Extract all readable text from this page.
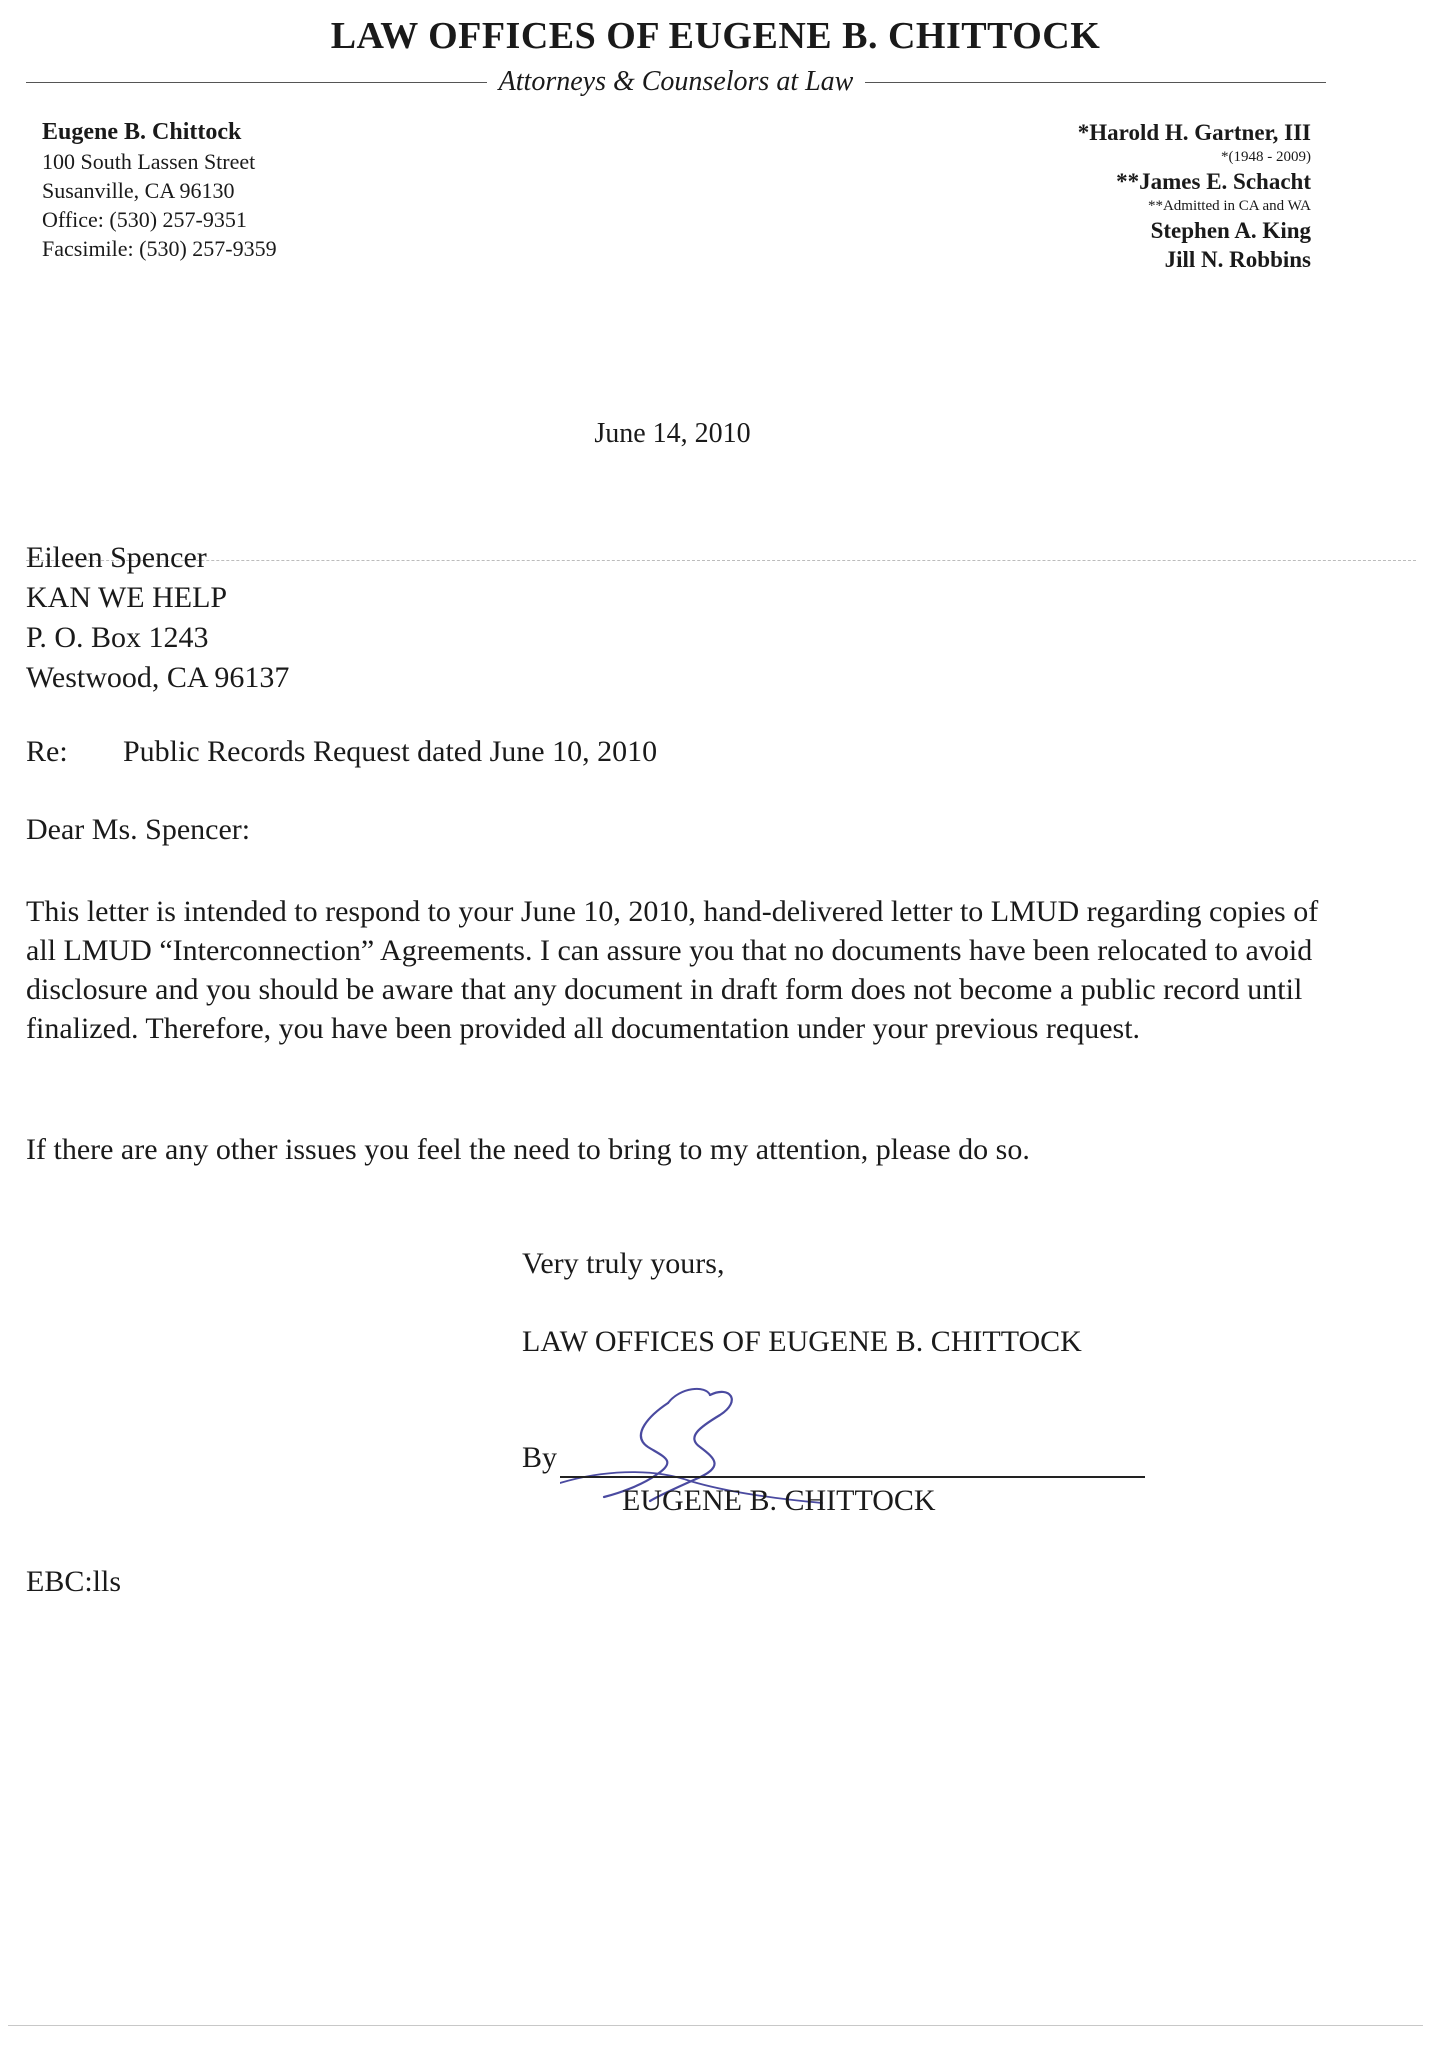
LAW OFFICES OF EUGENE B. CHITTOCK
Attorneys & Counselors at Law
Eugene B. Chittock
100 South Lassen Street
Susanville, CA 96130
Office: (530) 257-9351
Facsimile: (530) 257-9359
*Harold H. Gartner, III
*(1948 - 2009)
**James E. Schacht
**Admitted in CA and WA
Stephen A. King
Jill N. Robbins
June 14, 2010
Eileen Spencer
KAN WE HELP
P. O. Box 1243
Westwood, CA 96137
Re: Public Records Request dated June 10, 2010
Dear Ms. Spencer:
This letter is intended to respond to your June 10, 2010, hand-delivered letter to LMUD regarding copies of all LMUD “Interconnection” Agreements. I can assure you that no documents have been relocated to avoid disclosure and you should be aware that any document in draft form does not become a public record until finalized. Therefore, you have been provided all documentation under your previous request.
If there are any other issues you feel the need to bring to my attention, please do so.
Very truly yours,
LAW OFFICES OF EUGENE B. CHITTOCK
By
EUGENE B. CHITTOCK
EBC:lls
